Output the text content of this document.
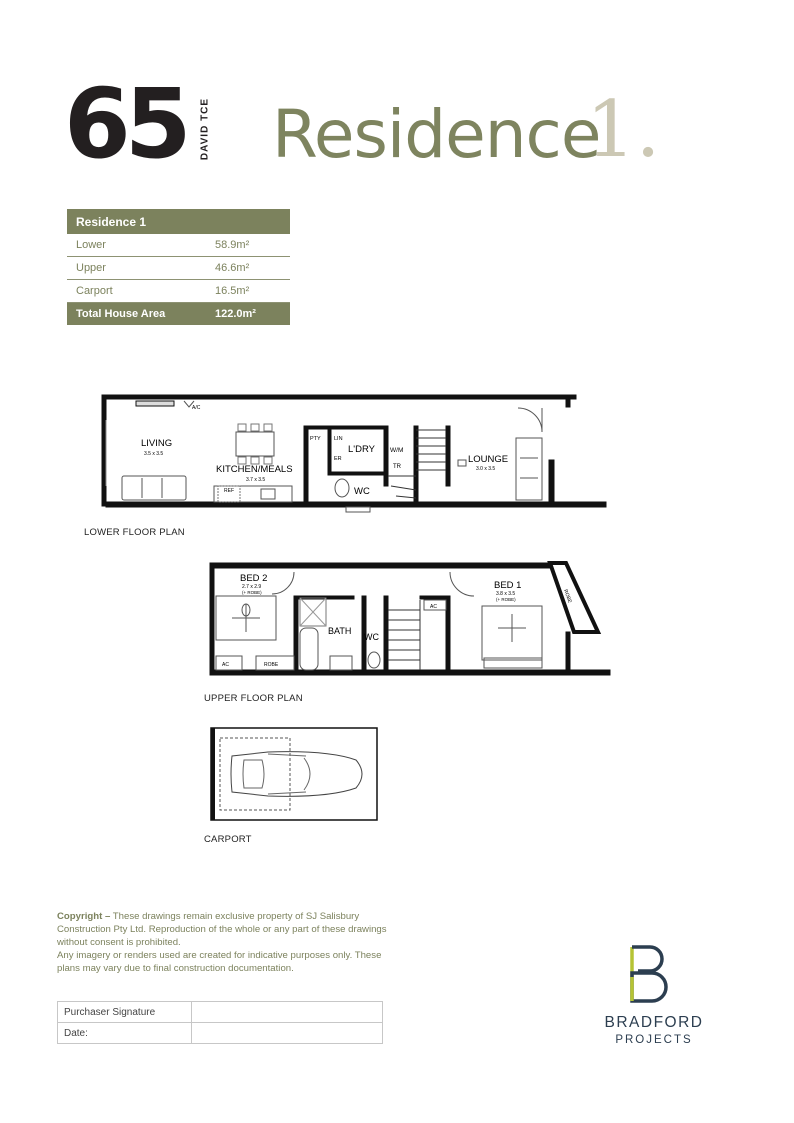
65 DAVID TCE Residence
1.
Residence 1	
Lower	58.9m²
Upper	46.6m²
Carport	16.5m²
Total House Area	122.0m²
LIVING
3.5 x 3.5
A/C
KITCHEN/MEALS
3.7 x 3.5
PTY LIN
ER
L'DRY W/M
TR
WC
REF
LOUNGE
3.0 x 3.5
LOWER FLOOR PLAN
BED 2
2.7 x 2.9
(+ ROBE)
BED 1
3.8 x 3.5
(+ ROBE)
BATH
WC
AC
AC
ROBE
ROBE
UPPER FLOOR PLAN
CARPORT
Copyright – These drawings remain exclusive property of SJ Salisbury Construction Pty Ltd. Reproduction of the whole or any part of these drawings without consent is prohibited.
Any imagery or renders used are created for indicative purposes only. These plans may vary due to final construction documentation.
Purchaser Signature	
Date:	
BRADFORD
PROJECTS
